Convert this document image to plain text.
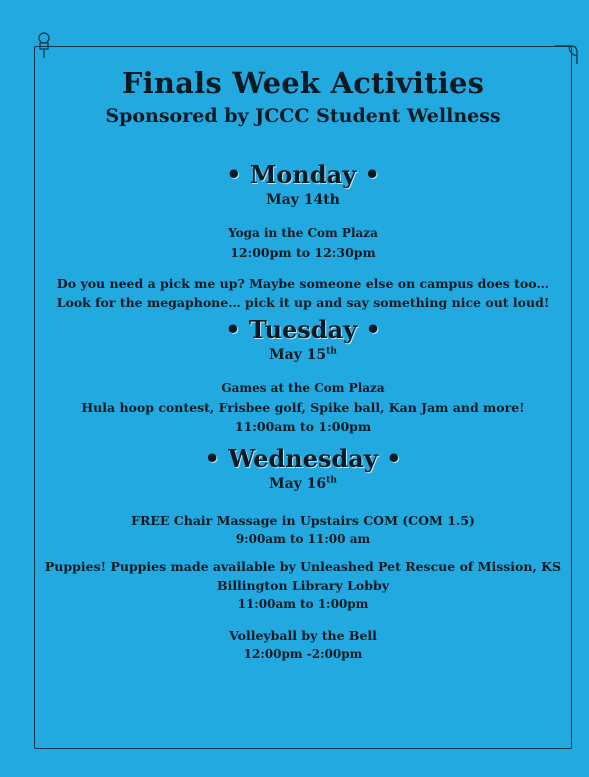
Finals Week Activities
Sponsored by JCCC Student Wellness
• Monday •
May 14th

Yoga in the Com Plaza

12:00pm to 12:30pm

Do you need a pick me up? Maybe someone else on campus does too…

Look for the megaphone… pick it up and say something nice out loud!

• Tuesday •
May 15th

Games at the Com Plaza

Hula hoop contest, Frisbee golf, Spike ball, Kan Jam and more!

11:00am to 1:00pm

• Wednesday •
May 16th

FREE Chair Massage in Upstairs COM (COM 1.5)

9:00am to 11:00 am

Puppies! Puppies made available by Unleashed Pet Rescue of Mission, KS

Billington Library Lobby

11:00am to 1:00pm

Volleyball by the Bell

12:00pm -2:00pm
